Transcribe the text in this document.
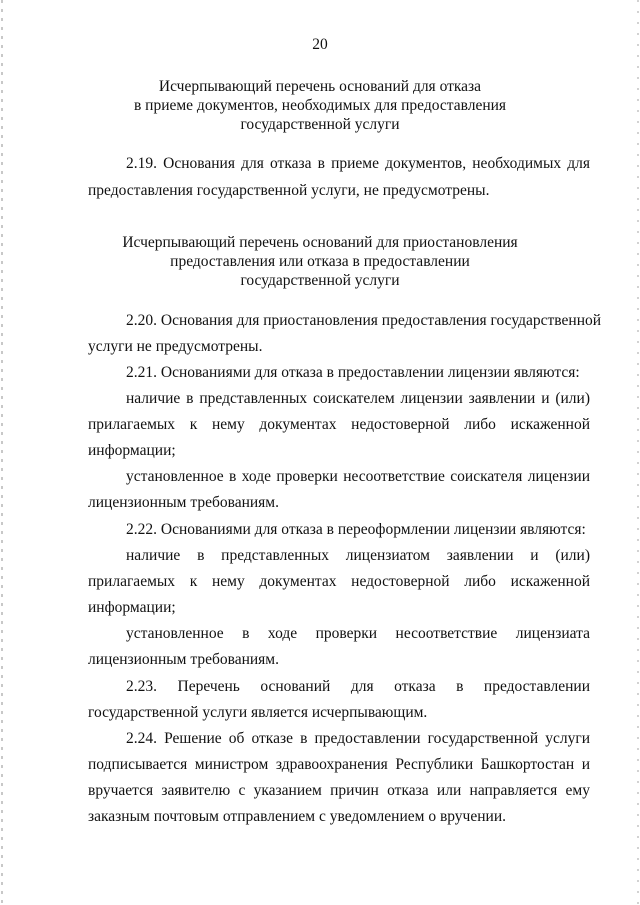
20
Исчерпывающий перечень оснований для отказа
в приеме документов, необходимых для предоставления
государственной услуги
2.19. Основания для отказа в приеме документов, необходимых для
предоставления государственной услуги, не предусмотрены.
Исчерпывающий перечень оснований для приостановления
предоставления или отказа в предоставлении
государственной услуги
2.20. Основания для приостановления предоставления государственной
услуги не предусмотрены.
2.21. Основаниями для отказа в предоставлении лицензии являются:
наличие в представленных соискателем лицензии заявлении и (или)
прилагаемых к нему документах недостоверной либо искаженной
информации;
установленное в ходе проверки несоответствие соискателя лицензии
лицензионным требованиям.
2.22. Основаниями для отказа в переоформлении лицензии являются:
наличие в представленных лицензиатом заявлении и (или)
прилагаемых к нему документах недостоверной либо искаженной
информации;
установленное в ходе проверки несоответствие лицензиата
лицензионным требованиям.
2.23. Перечень оснований для отказа в предоставлении
государственной услуги является исчерпывающим.
2.24. Решение об отказе в предоставлении государственной услуги
подписывается министром здравоохранения Республики Башкортостан и
вручается заявителю с указанием причин отказа или направляется ему
заказным почтовым отправлением с уведомлением о вручении.
